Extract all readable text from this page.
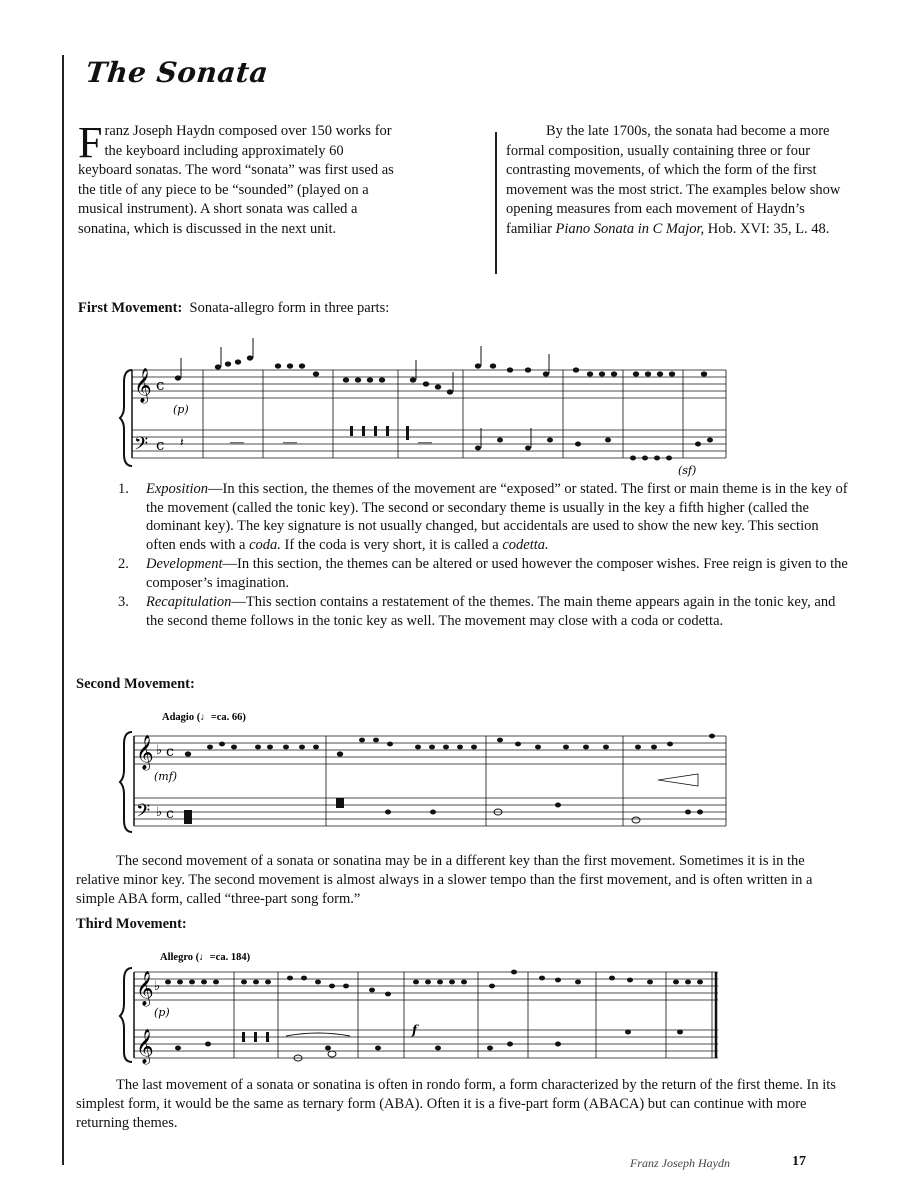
The Sonata

Franz Joseph Haydn composed over 150 works for the keyboard including approximately 60 keyboard sonatas. The word “sonata” was first used as the title of any piece to be “sounded” (played on a musical instrument). A short sonata was called a sonatina, which is discussed in the next unit.

By the late 1700s, the sonata had become a more formal composition, usually containing three or four contrasting movements, of which the form of the first movement was the most strict. The examples below show opening measures from each movement of Haydn’s familiar Piano Sonata in C Major, Hob. XVI: 35, L. 48.

First Movement: Sonata-allegro form in three parts:
𝄞 c
𝄢 c
(p)
(sf)
𝄽	—	—	—
1. Exposition—In this section, the themes of the movement are “exposed” or stated. The first or main theme is in the key of the movement (called the tonic key). The second or secondary theme is usually in the key a fifth higher (called the dominant key). The key signature is not usually changed, but accidentals are used to show the new key. This section often ends with a coda. If the coda is very short, it is called a codetta.
2. Development—In this section, the themes can be altered or used however the composer wishes. Free reign is given to the composer’s imagination.
3. Recapitulation—This section contains a restatement of the themes. The main theme appears again in the tonic key, and the second theme follows in the tonic key as well. The movement may close with a coda or codetta.
Second Movement:
Adagio (♩=ca. 66)
𝄞 ♭ c
𝄢 ♭ c
(mf)
The second movement of a sonata or sonatina may be in a different key than the first movement. Sometimes it is in the relative minor key. The second movement is almost always in a slower tempo than the first movement, and is often written in a simple ABA form, called “three-part song form.”
Third Movement:
Allegro (♩=ca. 184)
𝄞
𝄞
♭
(p)
f
The last movement of a sonata or sonatina is often in rondo form, a form characterized by the return of the first theme. In its simplest form, it would be the same as ternary form (ABA). Often it is a five-part form (ABACA) but can continue with more returning themes.
Franz Joseph Haydn	17
